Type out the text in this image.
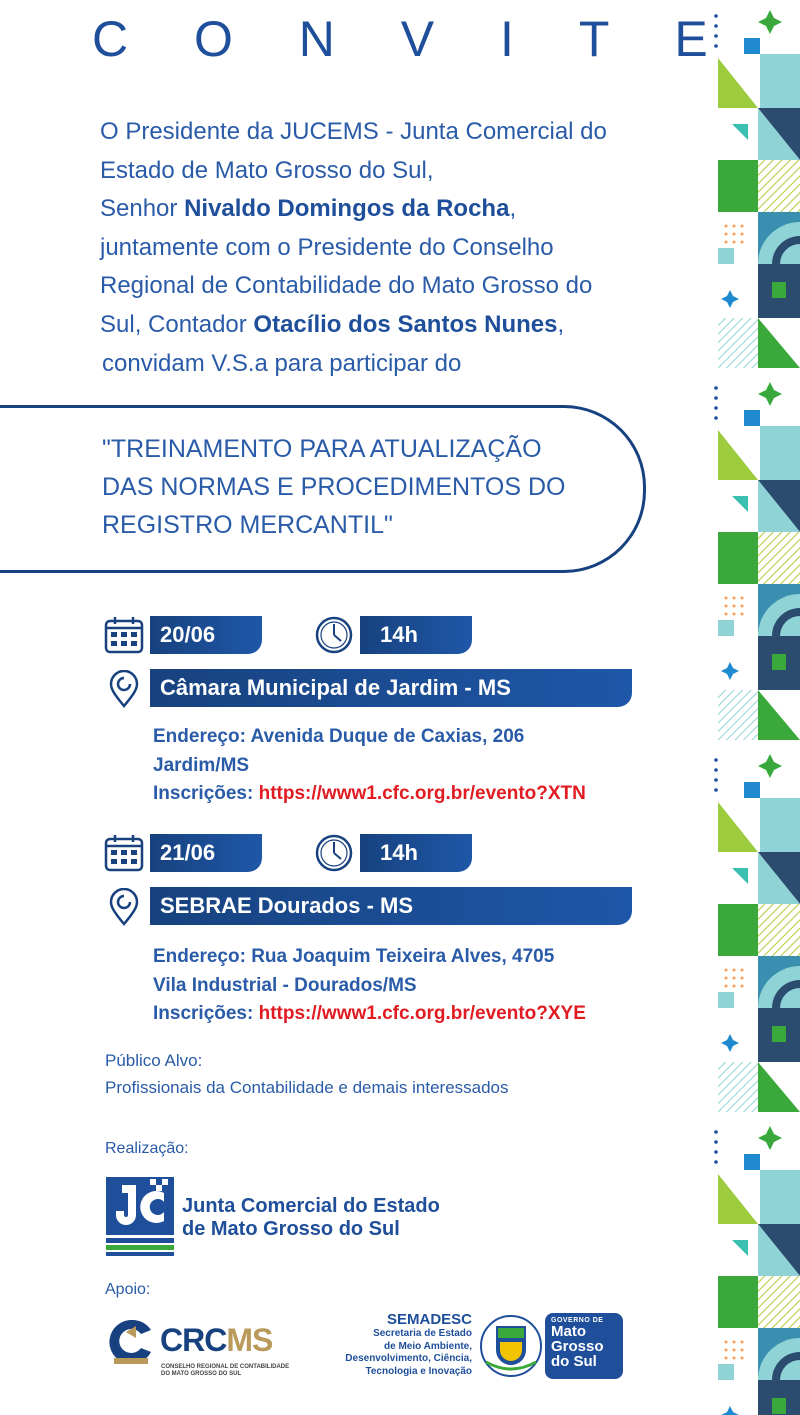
C O N V I T E

O Presidente da JUCEMS - Junta Comercial do

Estado de Mato Grosso do Sul,

Senhor Nivaldo Domingos da Rocha,

juntamente com o Presidente do Conselho

Regional de Contabilidade do Mato Grosso do

Sul, Contador Otacílio dos Santos Nunes,

convidam V.S.a para participar do

"TREINAMENTO PARA ATUALIZAÇÃO
DAS NORMAS E PROCEDIMENTOS DO
REGISTRO MERCANTIL"
20/06	14h
Câmara Municipal de Jardim - MS
Endereço: Avenida Duque de Caxias, 206
Jardim/MS
Inscrições: https://www1.cfc.org.br/evento?XTN
21/06	14h
SEBRAE Dourados - MS
Endereço: Rua Joaquim Teixeira Alves, 4705
Vila Industrial - Dourados/MS
Inscrições: https://www1.cfc.org.br/evento?XYE
Público Alvo:
Profissionais da Contabilidade e demais interessados
Realização:
Junta Comercial do Estado
de Mato Grosso do Sul
Apoio:
CRCMS
CONSELHO REGIONAL DE CONTABILIDADE
DO MATO GROSSO DO SUL
SEMADESC
Secretaria de Estado
de Meio Ambiente,
Desenvolvimento, Ciência,
Tecnologia e Inovação
GOVERNO DE
Mato
Grosso
do Sul
